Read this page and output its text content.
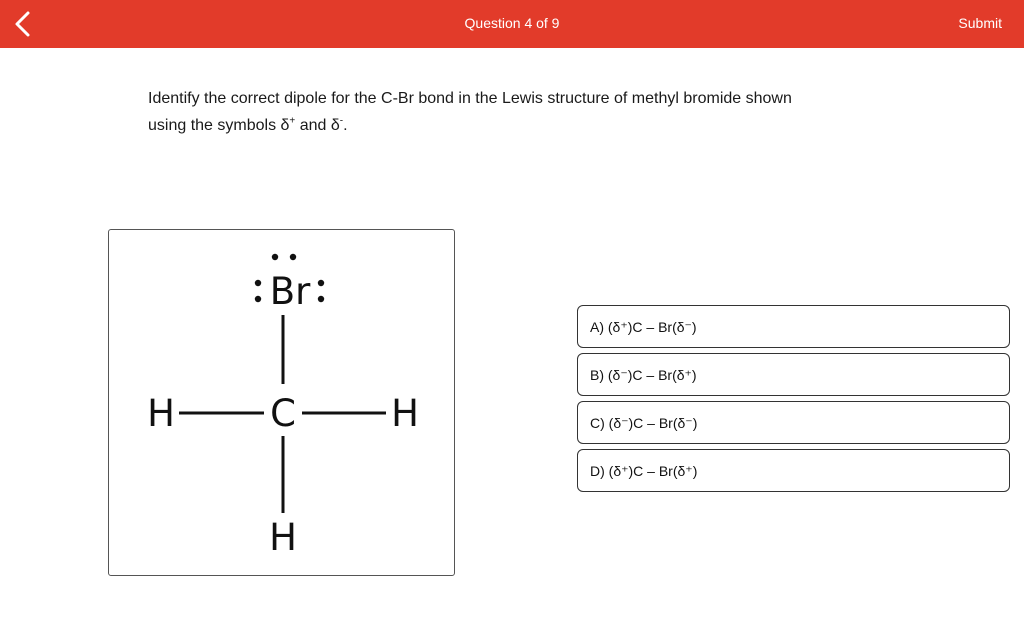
Question 4 of 9	Submit
Identify the correct dipole for the C-Br bond in the Lewis structure of methyl bromide shown
using the symbols δ+ and δ-.
Br
C
H	H
H
A) (δ⁺)C – Br(δ⁻)
B) (δ⁻)C – Br(δ⁺)
C) (δ⁻)C – Br(δ⁻)
D) (δ⁺)C – Br(δ⁺)
